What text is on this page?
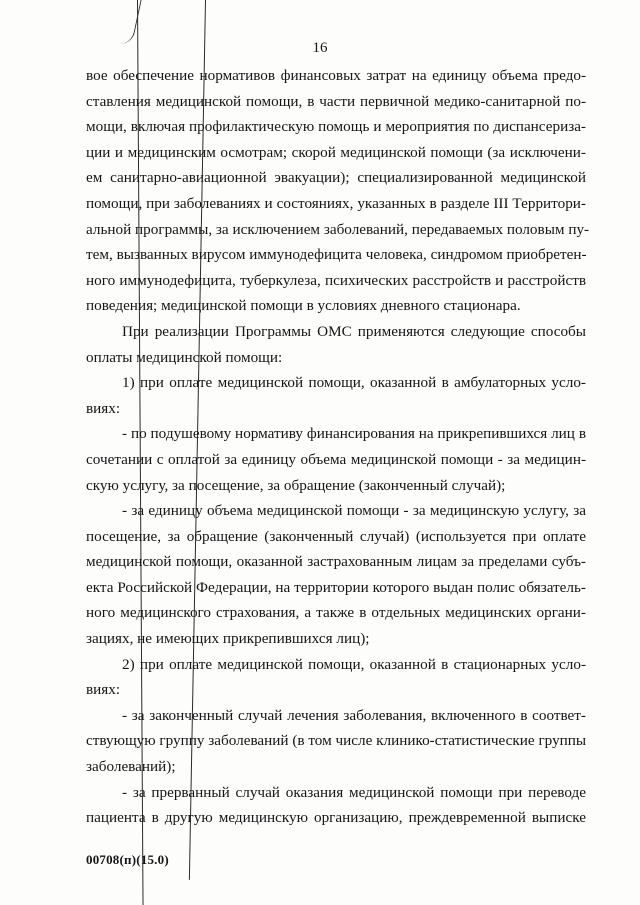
16
вое обеспечение нормативов финансовых затрат на единицу объема предо-
ставления медицинской помощи, в части первичной медико-санитарной по-
мощи, включая профилактическую помощь и мероприятия по диспансериза-
ции и медицинским осмотрам; скорой медицинской помощи (за исключени-
ем санитарно-авиационной эвакуации); специализированной медицинской
помощи, при заболеваниях и состояниях, указанных в разделе III Территори-
альной программы, за исключением заболеваний, передаваемых половым пу-
тем, вызванных вирусом иммунодефицита человека, синдромом приобретен-
ного иммунодефицита, туберкулеза, психических расстройств и расстройств
поведения; медицинской помощи в условиях дневного стационара.
При реализации Программы ОМС применяются следующие способы
оплаты медицинской помощи:
1) при оплате медицинской помощи, оказанной в амбулаторных усло-
виях:
- по подушевому нормативу финансирования на прикрепившихся лиц в
сочетании с оплатой за единицу объема медицинской помощи - за медицин-
скую услугу, за посещение, за обращение (законченный случай);
- за единицу объема медицинской помощи - за медицинскую услугу, за
посещение, за обращение (законченный случай) (используется при оплате
медицинской помощи, оказанной застрахованным лицам за пределами субъ-
екта Российской Федерации, на территории которого выдан полис обязатель-
ного медицинского страхования, а также в отдельных медицинских органи-
зациях, не имеющих прикрепившихся лиц);
2) при оплате медицинской помощи, оказанной в стационарных усло-
виях:
- за законченный случай лечения заболевания, включенного в соответ-
ствующую группу заболеваний (в том числе клинико-статистические группы
заболеваний);
- за прерванный случай оказания медицинской помощи при переводе
пациента в другую медицинскую организацию, преждевременной выписке
00708(п)(15.0)
